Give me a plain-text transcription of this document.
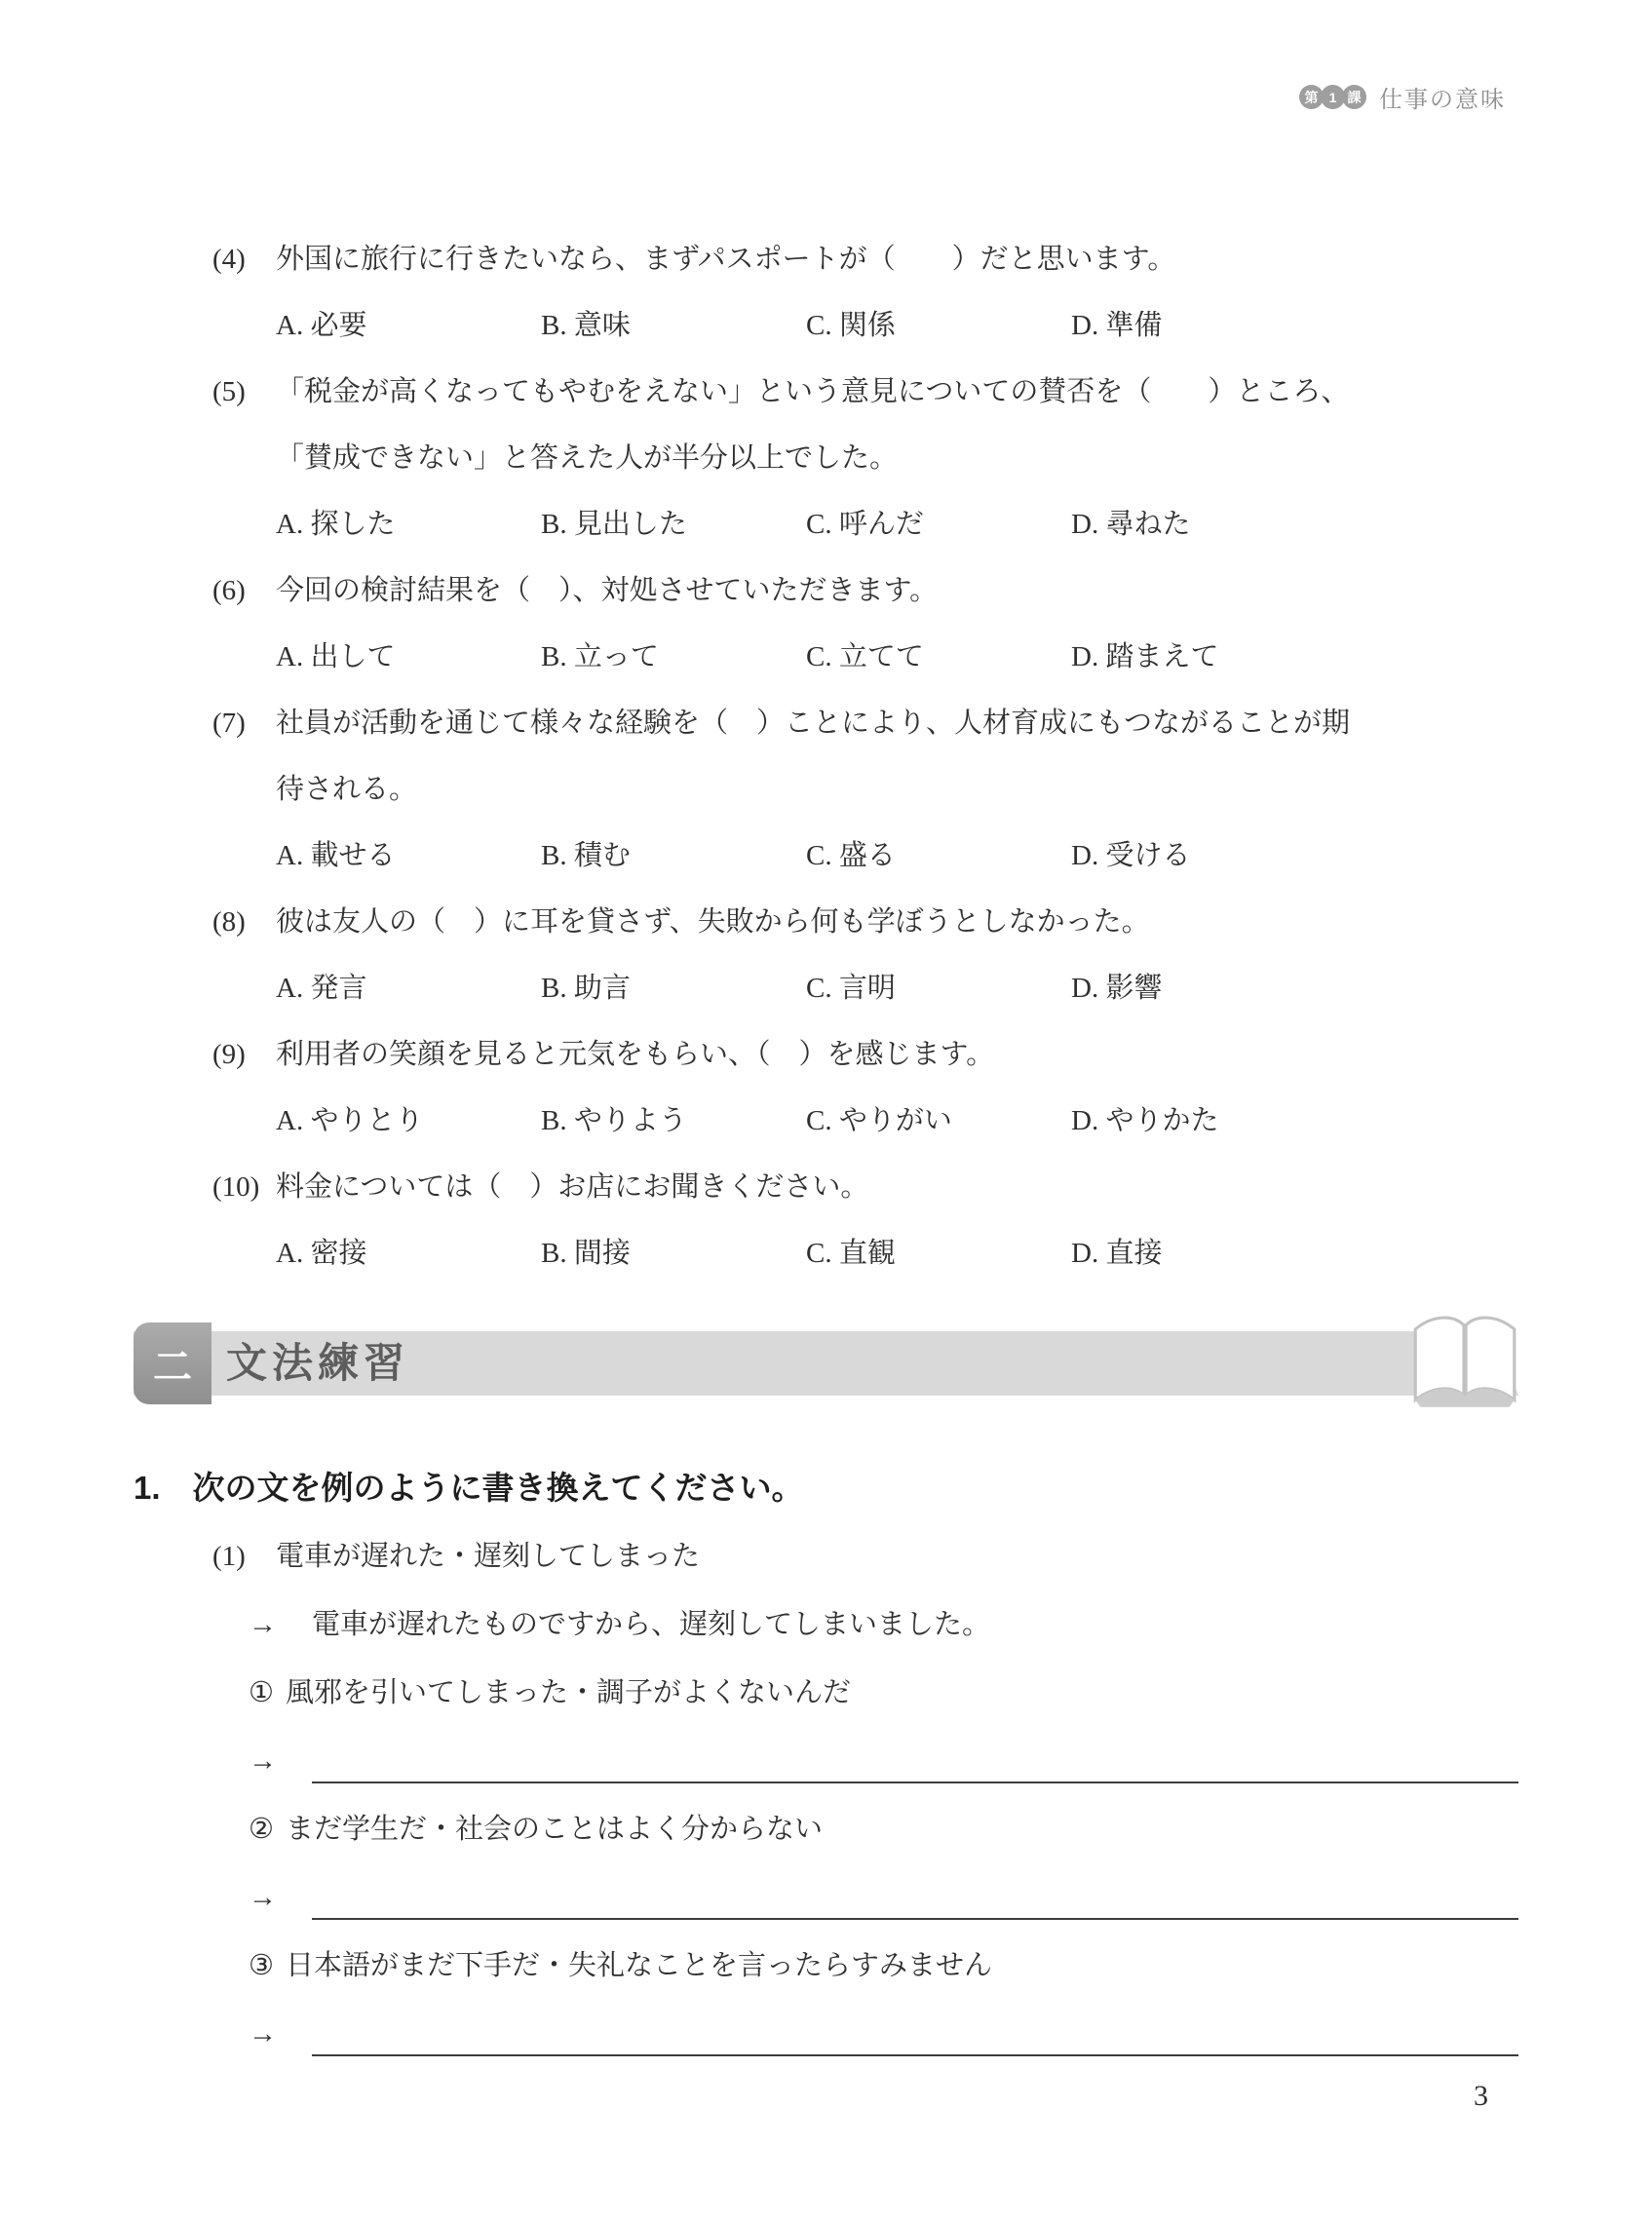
第 1 課 仕事の意味
(4)	外国に旅行に行きたいなら、まずパスポートが（　　）だと思います。
A. 必要	B. 意味	C. 関係	D. 準備
(5)	「税金が高くなってもやむをえない」という意見についての賛否を（　　）ところ、
「賛成できない」と答えた人が半分以上でした。
A. 探した	B. 見出した	C. 呼んだ	D. 尋ねた
(6)	今回の検討結果を（　）、対処させていただきます。
A. 出して	B. 立って	C. 立てて	D. 踏まえて
(7)	社員が活動を通じて様々な経験を（　）ことにより、人材育成にもつながることが期
待される。
A. 載せる	B. 積む	C. 盛る	D. 受ける
(8)	彼は友人の（　）に耳を貸さず、失敗から何も学ぼうとしなかった。
A. 発言	B. 助言	C. 言明	D. 影響
(9)	利用者の笑顔を見ると元気をもらい、（　）を感じます。
A. やりとり	B. やりよう	C. やりがい	D. やりかた
(10) 料金については（　）お店にお聞きください。
A. 密接	B. 間接	C. 直観	D. 直接
二 文法練習
1.　次の文を例のように書き換えてください。
(1)	電車が遅れた・遅刻してしまった
→	電車が遅れたものですから、遅刻してしまいました。
① 風邪を引いてしまった・調子がよくないんだ
→
② まだ学生だ・社会のことはよく分からない
→
③ 日本語がまだ下手だ・失礼なことを言ったらすみません
→
3
